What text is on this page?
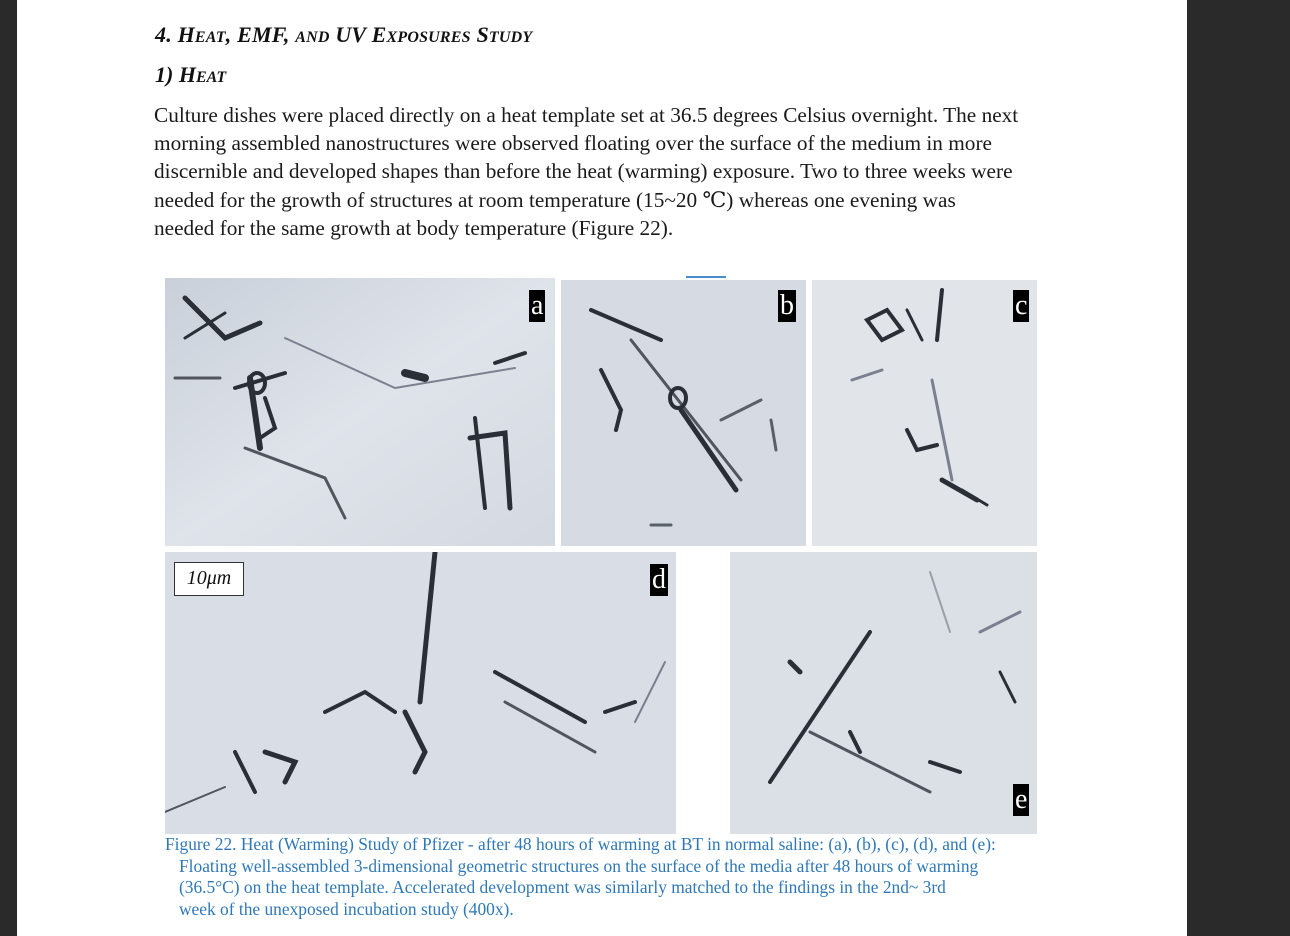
4. HEAT, EMF, AND UV EXPOSURES STUDY
1) HEAT
Culture dishes were placed directly on a heat template set at 36.5 degrees Celsius overnight. The next
morning assembled nanostructures were observed floating over the surface of the medium in more
discernible and developed shapes than before the heat (warming) exposure. Two to three weeks were
needed for the growth of structures at room temperature (15~20 ℃) whereas one evening was
needed for the same growth at body temperature (Figure 22).
a	b	c
10μm	d
e
Figure 22. Heat (Warming) Study of Pfizer - after 48 hours of warming at BT in normal saline: (a), (b), (c), (d), and (e):
Floating well-assembled 3-dimensional geometric structures on the surface of the media after 48 hours of warming
(36.5°C) on the heat template. Accelerated development was similarly matched to the findings in the 2nd~ 3rd
week of the unexposed incubation study (400x).
